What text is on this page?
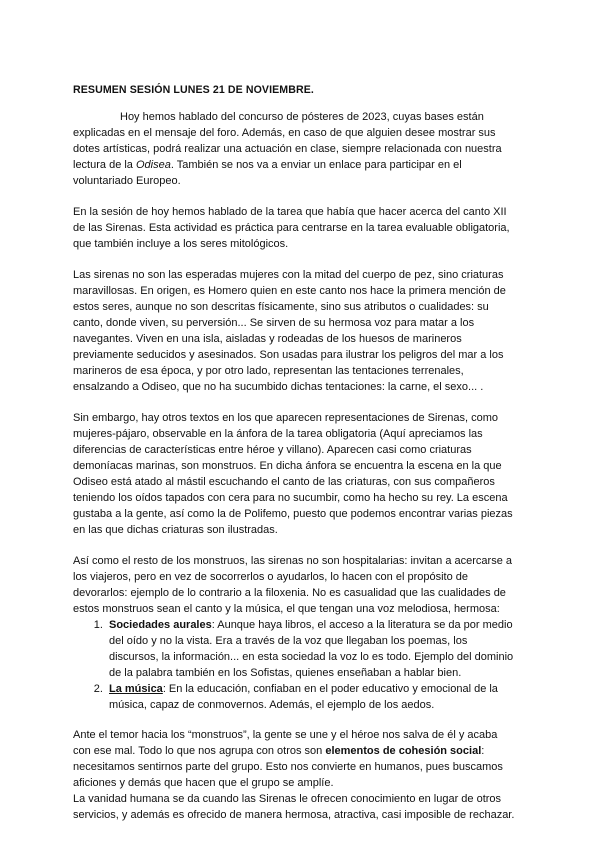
RESUMEN SESIÓN LUNES 21 DE NOVIEMBRE.

Hoy hemos hablado del concurso de pósteres de 2023, cuyas bases están explicadas en el mensaje del foro. Además, en caso de que alguien desee mostrar sus dotes artísticas, podrá realizar una actuación en clase, siempre relacionada con nuestra lectura de la Odisea. También se nos va a enviar un enlace para participar en el voluntariado Europeo.

En la sesión de hoy hemos hablado de la tarea que había que hacer acerca del canto XII de las Sirenas. Esta actividad es práctica para centrarse en la tarea evaluable obligatoria, que también incluye a los seres mitológicos.

Las sirenas no son las esperadas mujeres con la mitad del cuerpo de pez, sino criaturas maravillosas. En origen, es Homero quien en este canto nos hace la primera mención de estos seres, aunque no son descritas físicamente, sino sus atributos o cualidades: su canto, donde viven, su perversión... Se sirven de su hermosa voz para matar a los navegantes. Viven en una isla, aisladas y rodeadas de los huesos de marineros previamente seducidos y asesinados. Son usadas para ilustrar los peligros del mar a los marineros de esa época, y por otro lado, representan las tentaciones terrenales, ensalzando a Odiseo, que no ha sucumbido dichas tentaciones: la carne, el sexo... .

Sin embargo, hay otros textos en los que aparecen representaciones de Sirenas, como mujeres-pájaro, observable en la ánfora de la tarea obligatoria (Aquí apreciamos las diferencias de características entre héroe y villano). Aparecen casi como criaturas demoníacas marinas, son monstruos. En dicha ánfora se encuentra la escena en la que Odiseo está atado al mástil escuchando el canto de las criaturas, con sus compañeros teniendo los oídos tapados con cera para no sucumbir, como ha hecho su rey. La escena gustaba a la gente, así como la de Polifemo, puesto que podemos encontrar varias piezas en las que dichas criaturas son ilustradas.

Así como el resto de los monstruos, las sirenas no son hospitalarias: invitan a acercarse a los viajeros, pero en vez de socorrerlos o ayudarlos, lo hacen con el propósito de devorarlos: ejemplo de lo contrario a la filoxenia. No es casualidad que las cualidades de estos monstruos sean el canto y la música, el que tengan una voz melodiosa, hermosa:

1. Sociedades aurales: Aunque haya libros, el acceso a la literatura se da por medio del oído y no la vista. Era a través de la voz que llegaban los poemas, los discursos, la información... en esta sociedad la voz lo es todo. Ejemplo del dominio de la palabra también en los Sofistas, quienes enseñaban a hablar bien.
2. La música: En la educación, confiaban en el poder educativo y emocional de la música, capaz de conmovernos. Además, el ejemplo de los aedos.

Ante el temor hacia los “monstruos”, la gente se une y el héroe nos salva de él y acaba con ese mal. Todo lo que nos agrupa con otros son elementos de cohesión social: necesitamos sentirnos parte del grupo. Esto nos convierte en humanos, pues buscamos aficiones y demás que hacen que el grupo se amplíe.

La vanidad humana se da cuando las Sirenas le ofrecen conocimiento en lugar de otros servicios, y además es ofrecido de manera hermosa, atractiva, casi imposible de rechazar.
